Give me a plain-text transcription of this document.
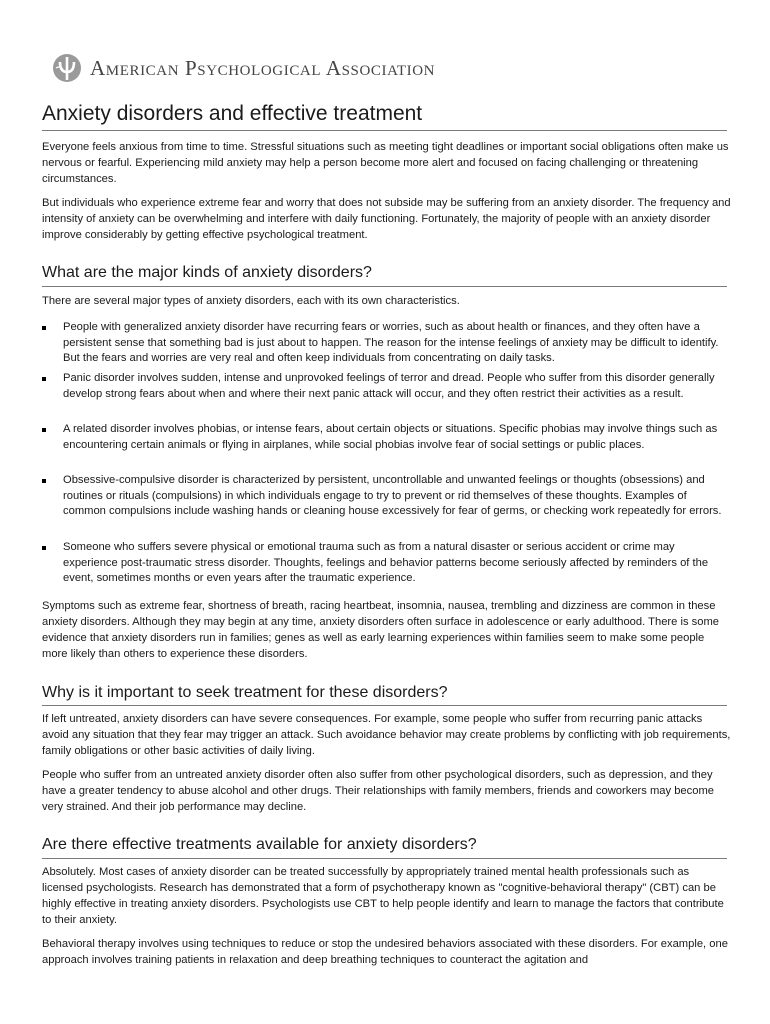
American Psychological Association
Anxiety disorders and effective treatment

Everyone feels anxious from time to time. Stressful situations such as meeting tight deadlines or important social obligations often make us nervous or fearful. Experiencing mild anxiety may help a person become more alert and focused on facing challenging or threatening circumstances.

But individuals who experience extreme fear and worry that does not subside may be suffering from an anxiety disorder. The frequency and intensity of anxiety can be overwhelming and interfere with daily functioning. Fortunately, the majority of people with an anxiety disorder improve considerably by getting effective psychological treatment.

What are the major kinds of anxiety disorders?

There are several major types of anxiety disorders, each with its own characteristics.

People with generalized anxiety disorder have recurring fears or worries, such as about health or finances, and they often have a persistent sense that something bad is just about to happen. The reason for the intense feelings of anxiety may be difficult to identify. But the fears and worries are very real and often keep individuals from concentrating on daily tasks.
Panic disorder involves sudden, intense and unprovoked feelings of terror and dread. People who suffer from this disorder generally develop strong fears about when and where their next panic attack will occur, and they often restrict their activities as a result.
A related disorder involves phobias, or intense fears, about certain objects or situations. Specific phobias may involve things such as encountering certain animals or flying in airplanes, while social phobias involve fear of social settings or public places.
Obsessive-compulsive disorder is characterized by persistent, uncontrollable and unwanted feelings or thoughts (obsessions) and routines or rituals (compulsions) in which individuals engage to try to prevent or rid themselves of these thoughts. Examples of common compulsions include washing hands or cleaning house excessively for fear of germs, or checking work repeatedly for errors.
Someone who suffers severe physical or emotional trauma such as from a natural disaster or serious accident or crime may experience post-traumatic stress disorder. Thoughts, feelings and behavior patterns become seriously affected by reminders of the event, sometimes months or even years after the traumatic experience.

Symptoms such as extreme fear, shortness of breath, racing heartbeat, insomnia, nausea, trembling and dizziness are common in these anxiety disorders. Although they may begin at any time, anxiety disorders often surface in adolescence or early adulthood. There is some evidence that anxiety disorders run in families; genes as well as early learning experiences within families seem to make some people more likely than others to experience these disorders.

Why is it important to seek treatment for these disorders?

If left untreated, anxiety disorders can have severe consequences. For example, some people who suffer from recurring panic attacks avoid any situation that they fear may trigger an attack. Such avoidance behavior may create problems by conflicting with job requirements, family obligations or other basic activities of daily living.

People who suffer from an untreated anxiety disorder often also suffer from other psychological disorders, such as depression, and they have a greater tendency to abuse alcohol and other drugs. Their relationships with family members, friends and coworkers may become very strained. And their job performance may decline.

Are there effective treatments available for anxiety disorders?

Absolutely. Most cases of anxiety disorder can be treated successfully by appropriately trained mental health professionals such as licensed psychologists. Research has demonstrated that a form of psychotherapy known as "cognitive-behavioral therapy" (CBT) can be highly effective in treating anxiety disorders. Psychologists use CBT to help people identify and learn to manage the factors that contribute to their anxiety.

Behavioral therapy involves using techniques to reduce or stop the undesired behaviors associated with these disorders. For example, one approach involves training patients in relaxation and deep breathing techniques to counteract the agitation and
